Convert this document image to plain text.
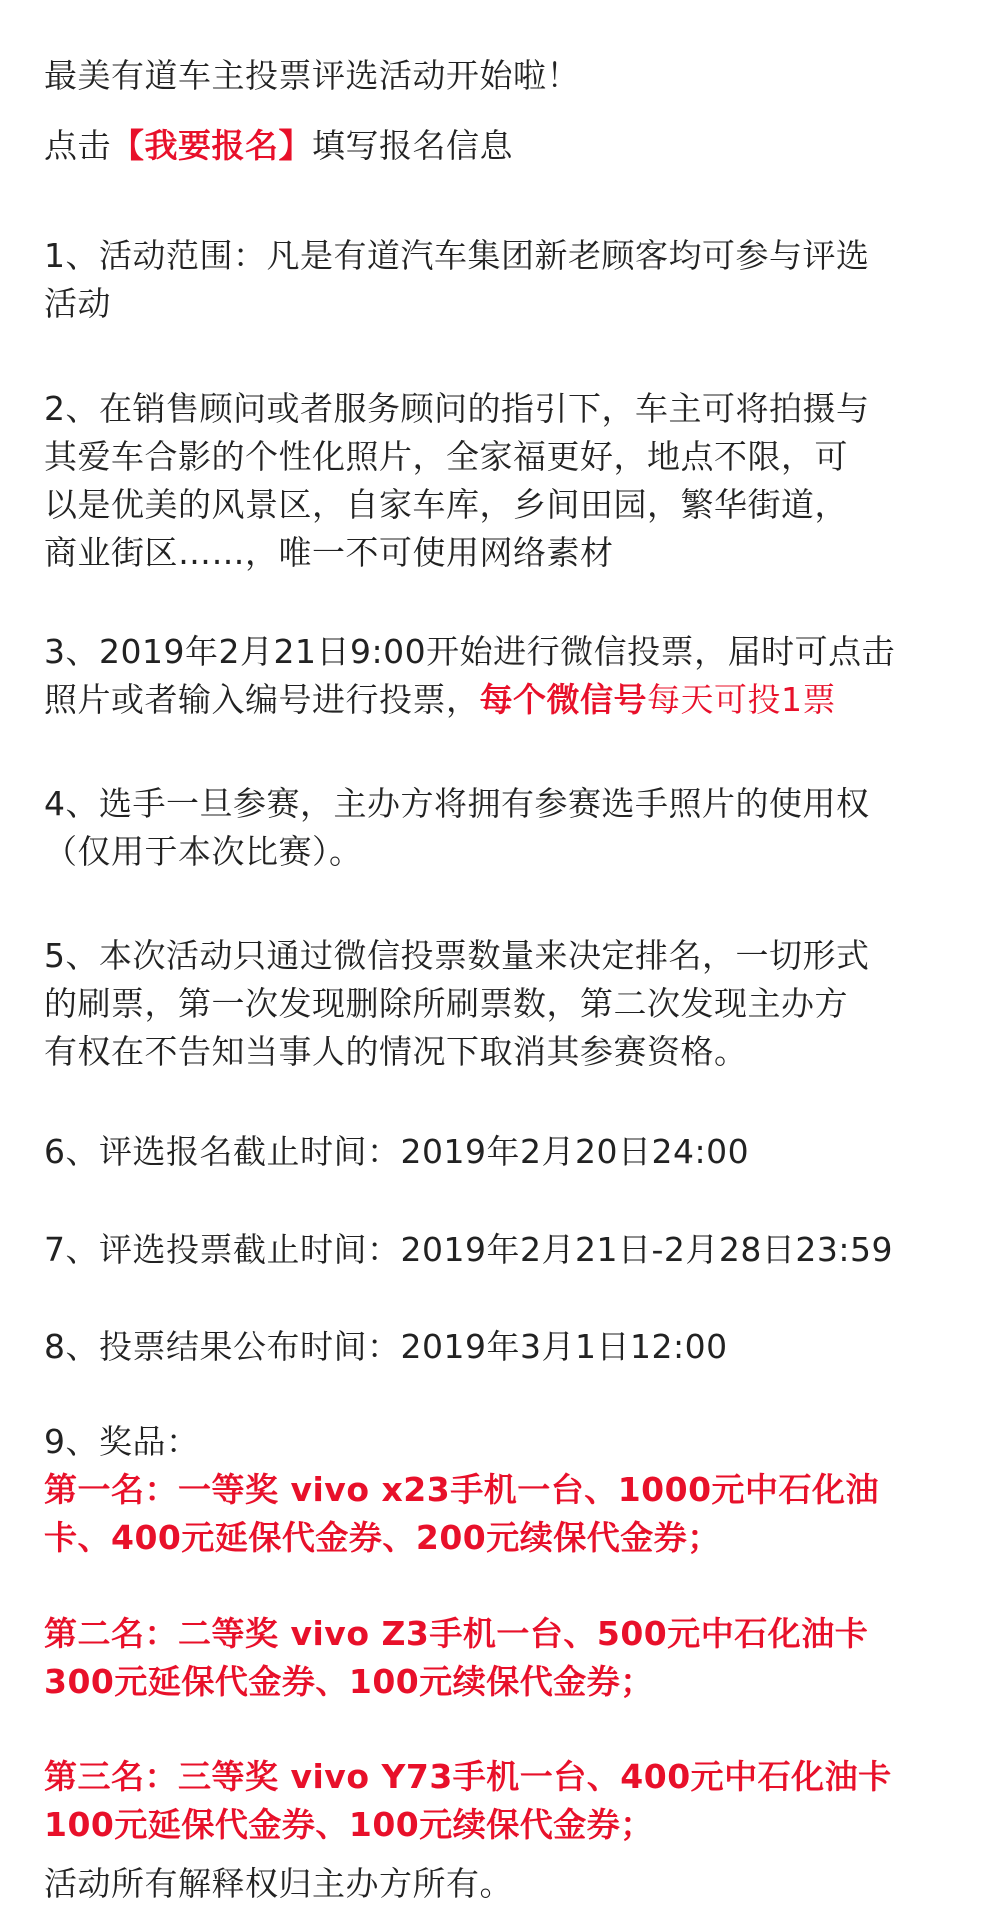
最美有道车主投票评选活动开始啦！
点击【我要报名】填写报名信息
1、活动范围：凡是有道汽车集团新老顾客均可参与评选
活动
2、在销售顾问或者服务顾问的指引下，车主可将拍摄与
其爱车合影的个性化照片，全家福更好，地点不限，可
以是优美的风景区，自家车库，乡间田园，繁华街道，
商业街区……，唯一不可使用网络素材
3、2019年2月21日9:00开始进行微信投票，届时可点击
照片或者输入编号进行投票，每个微信号每天可投1票
4、选手一旦参赛，主办方将拥有参赛选手照片的使用权
（仅用于本次比赛）。
5、本次活动只通过微信投票数量来决定排名，一切形式
的刷票，第一次发现删除所刷票数，第二次发现主办方
有权在不告知当事人的情况下取消其参赛资格。
6、评选报名截止时间：2019年2月20日24:00
7、评选投票截止时间：2019年2月21日-2月28日23:59
8、投票结果公布时间：2019年3月1日12:00
9、奖品：
第一名：一等奖 vivo x23手机一台、1000元中石化油
卡、400元延保代金券、200元续保代金券；
第二名：二等奖 vivo Z3手机一台、500元中石化油卡
300元延保代金券、100元续保代金券；
第三名：三等奖 vivo Y73手机一台、400元中石化油卡
100元延保代金券、100元续保代金券；
活动所有解释权归主办方所有。
